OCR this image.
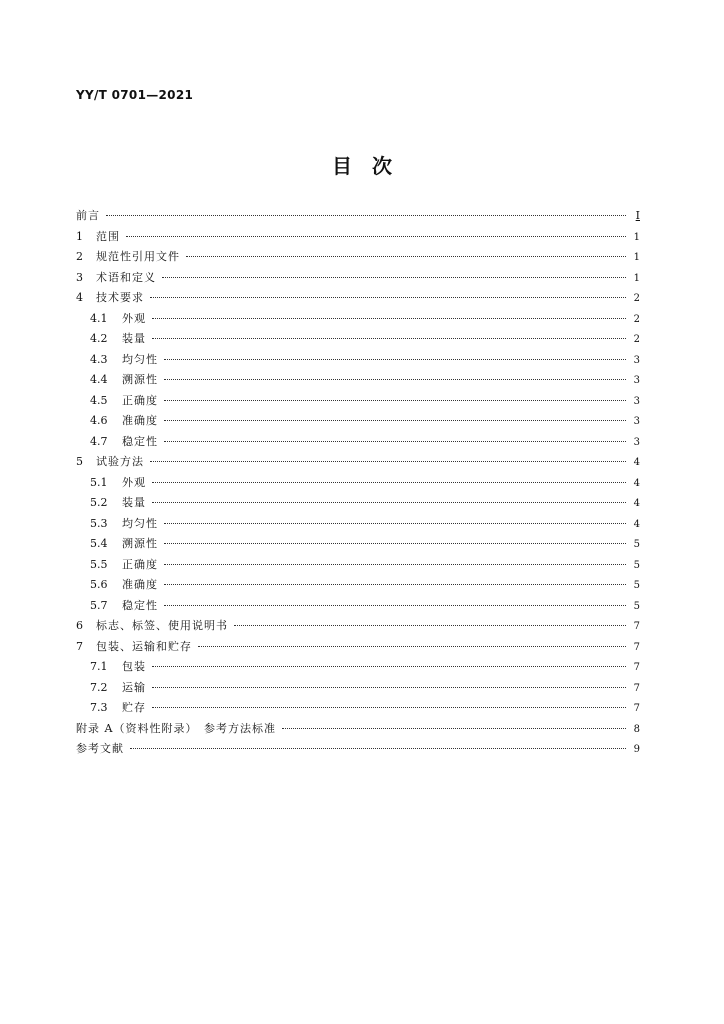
YY/T 0701—2021
目　次
前言	Ⅰ
1	范围	1
2	规范性引用文件	1
3	术语和定义	1
4	技术要求	2
4.1	外观	2
4.2	装量	2
4.3	均匀性	3
4.4	溯源性	3
4.5	正确度	3
4.6	准确度	3
4.7	稳定性	3
5	试验方法	4
5.1	外观	4
5.2	装量	4
5.3	均匀性	4
5.4	溯源性	5
5.5	正确度	5
5.6	准确度	5
5.7	稳定性	5
6	标志、标签、使用说明书	7
7	包装、运输和贮存	7
7.1	包装	7
7.2	运输	7
7.3	贮存	7
附录 A（资料性附录）　参考方法标准	8
参考文献	9
